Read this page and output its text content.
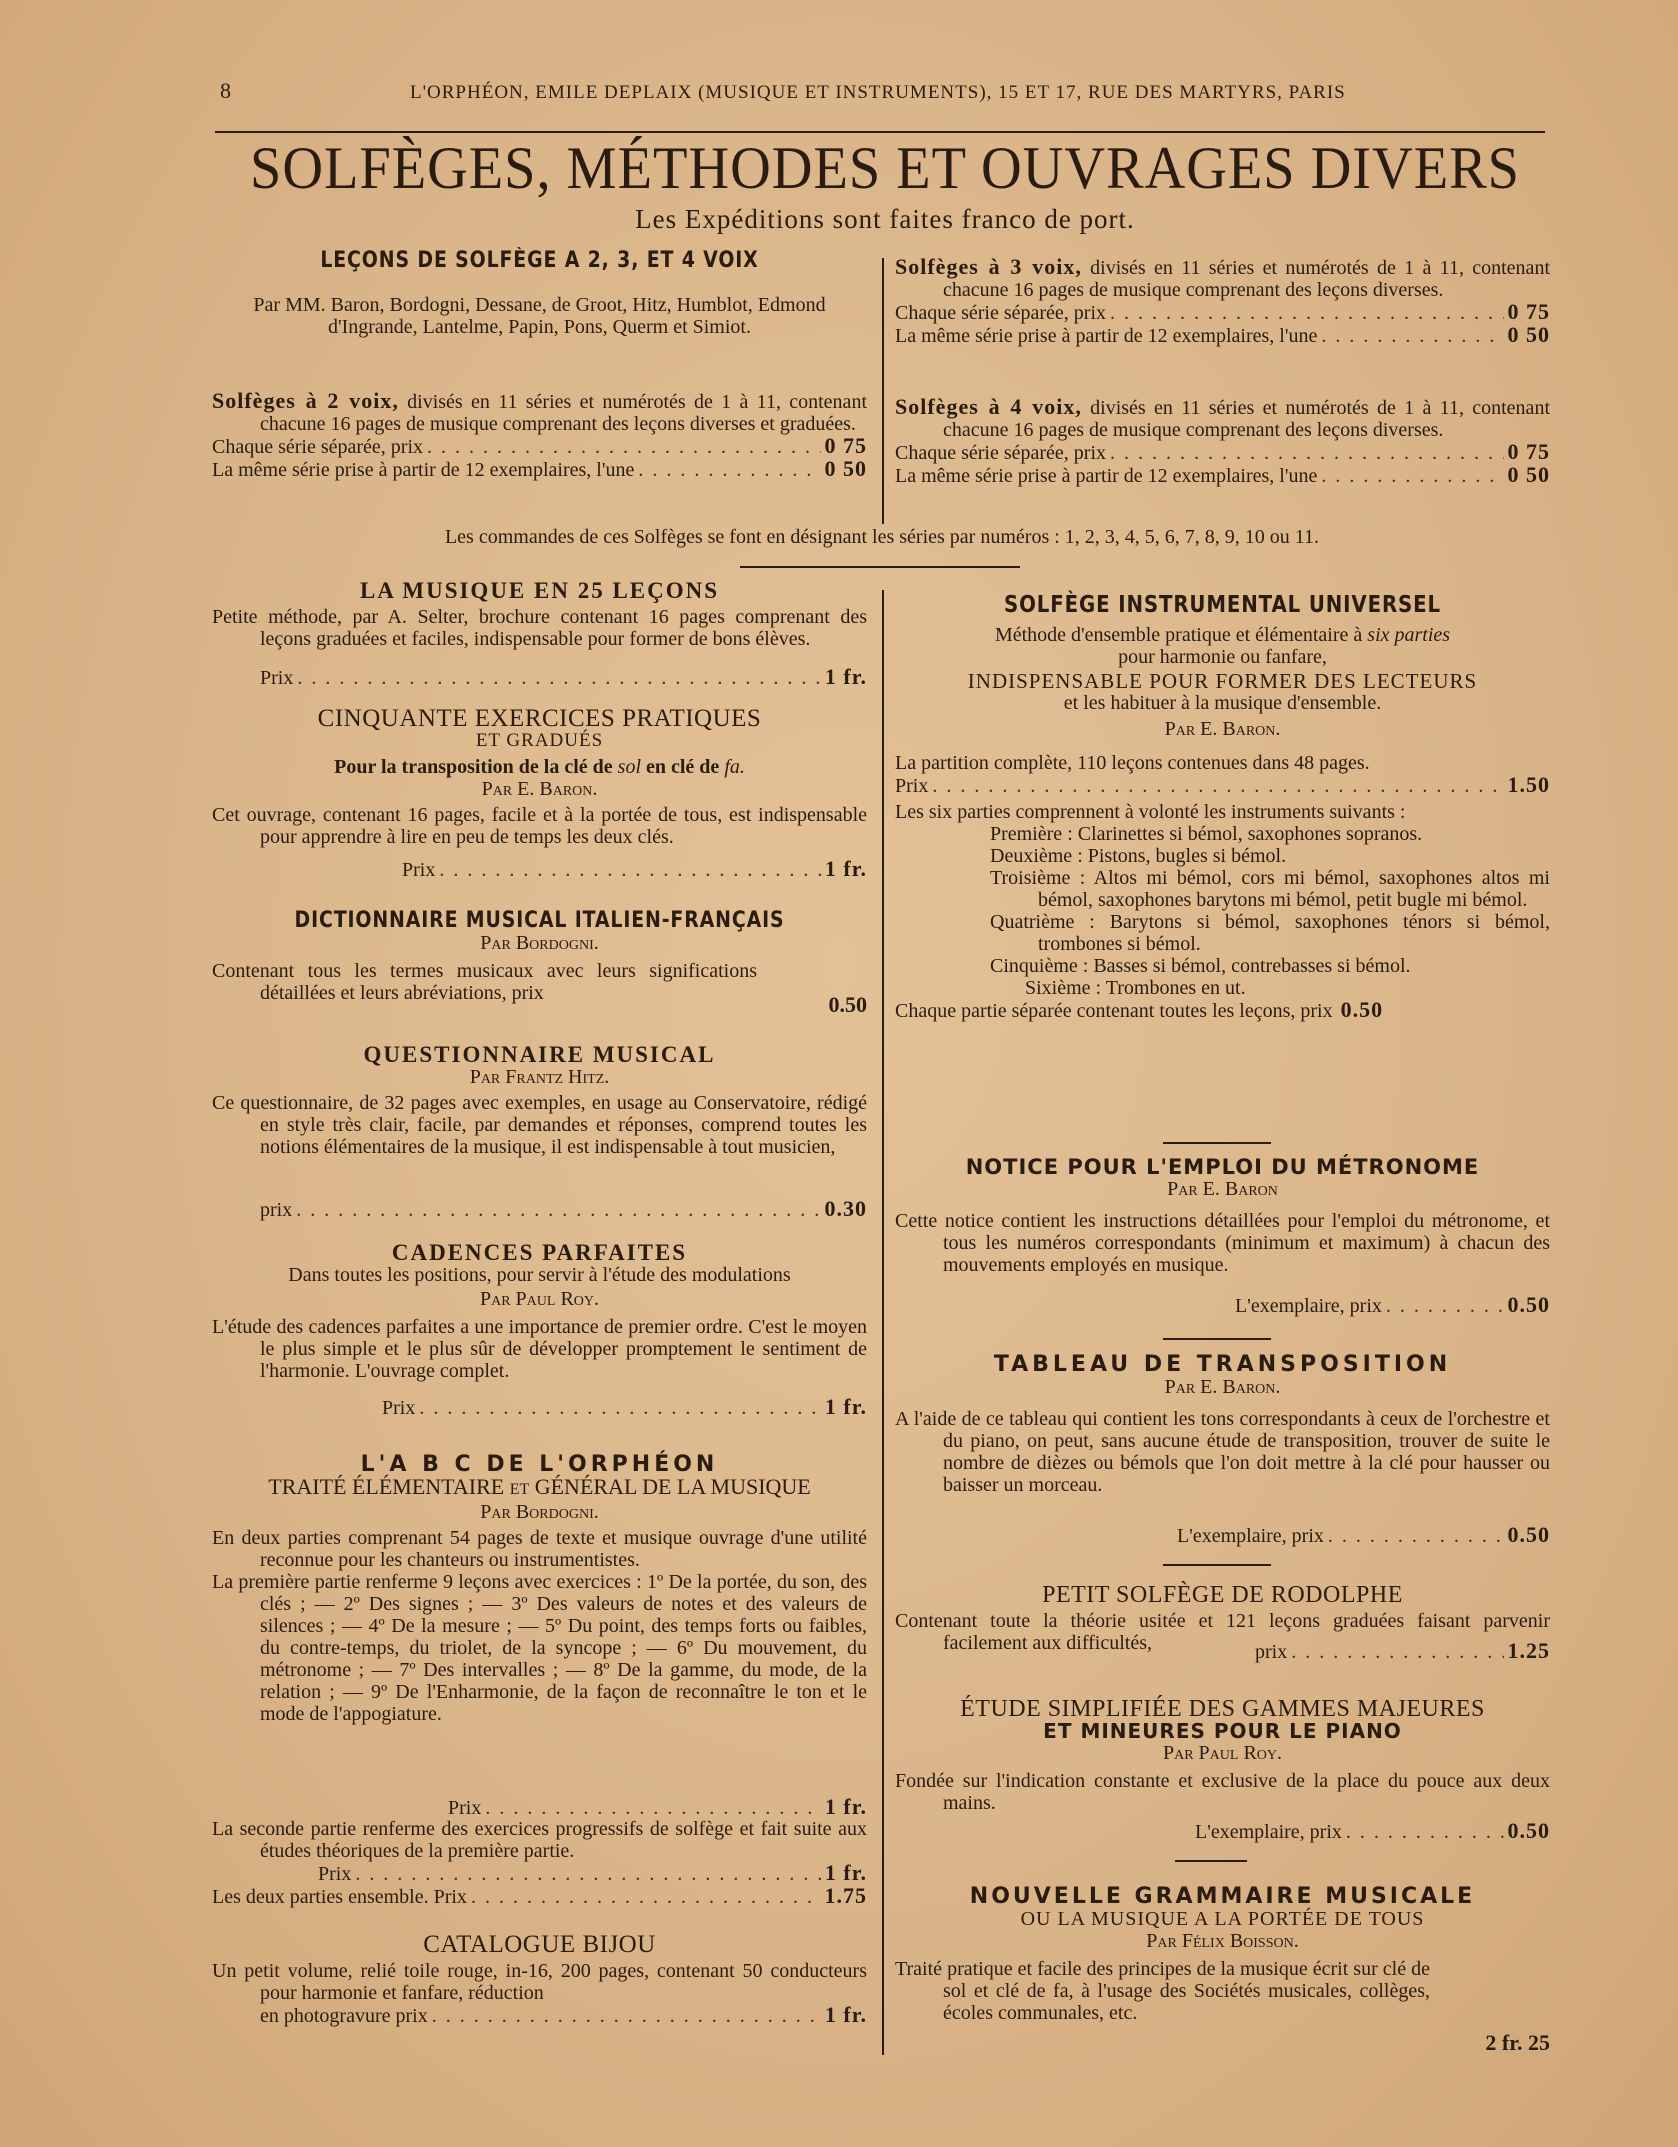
8	L'ORPHÉON, EMILE DEPLAIX (MUSIQUE ET INSTRUMENTS), 15 ET 17, RUE DES MARTYRS, PARIS
SOLFÈGES, MÉTHODES ET OUVRAGES DIVERS
Les Expéditions sont faites franco de port.
LEÇONS DE SOLFÈGE A 2, 3, ET 4 VOIX
Par MM. Baron, Bordogni, Dessane, de Groot, Hitz, Humblot, Edmond d'Ingrande, Lantelme, Papin, Pons, Querm et Simiot.

Solfèges à 2 voix, divisés en 11 séries et numérotés de 1 à 11, contenant chacune 16 pages de musique comprenant des leçons diverses et graduées.

Chaque série séparée, prix . . .	0 75
La même série prise à partir de 12 exemplaires, l'une . . .	0 50

Solfèges à 3 voix, divisés en 11 séries et numérotés de 1 à 11, contenant chacune 16 pages de musique comprenant des leçons diverses.

Chaque série séparée, prix . . .	0 75
La même série prise à partir de 12 exemplaires, l'une . . .	0 50

Solfèges à 4 voix, divisés en 11 séries et numérotés de 1 à 11, contenant chacune 16 pages de musique comprenant des leçons diverses.

Chaque série séparée, prix . . .	0 75
La même série prise à partir de 12 exemplaires, l'une . . .	0 50
Les commandes de ces Solfèges se font en désignant les séries par numéros : 1, 2, 3, 4, 5, 6, 7, 8, 9, 10 ou 11.
LA MUSIQUE EN 25 LEÇONS

Petite méthode, par A. Selter, brochure contenant 16 pages comprenant des leçons graduées et faciles, indispensable pour former de bons élèves.

Prix . . .	1 fr.
CINQUANTE EXERCICES PRATIQUES
ET GRADUÉS
Pour la transposition de la clé de sol en clé de fa.
Par E. Baron.

Cet ouvrage, contenant 16 pages, facile et à la portée de tous, est indispensable pour apprendre à lire en peu de temps les deux clés.

Prix . . .	1 fr.
DICTIONNAIRE MUSICAL ITALIEN-FRANÇAIS
Par Bordogni.

Contenant tous les termes musicaux avec leurs significations détaillées et leurs abréviations, prix	0.50
QUESTIONNAIRE MUSICAL
Par Frantz Hitz.

Ce questionnaire, de 32 pages avec exemples, en usage au Conservatoire, rédigé en style très clair, facile, par demandes et réponses, comprend toutes les notions élémentaires de la musique, il est indispensable à tout musicien,

prix . . .	0.30
CADENCES PARFAITES
Dans toutes les positions, pour servir à l'étude des modulations
Par Paul Roy.

L'étude des cadences parfaites a une importance de premier ordre. C'est le moyen le plus simple et le plus sûr de développer promptement le sentiment de l'harmonie. L'ouvrage complet.

Prix . . .	1 fr.
L'A B C DE L'ORPHÉON
TRAITÉ ÉLÉMENTAIRE ET GÉNÉRAL DE LA MUSIQUE
Par Bordogni.

En deux parties comprenant 54 pages de texte et musique ouvrage d'une utilité reconnue pour les chanteurs ou instrumentistes.

La première partie renferme 9 leçons avec exercices : 1º De la portée, du son, des clés ; — 2º Des signes ; — 3º Des valeurs de notes et des valeurs de silences ; — 4º De la mesure ; — 5º Du point, des temps forts ou faibles, du contre-temps, du triolet, de la syncope ; — 6º Du mouvement, du métronome ; — 7º Des intervalles ; — 8º De la gamme, du mode, de la relation ; — 9º De l'Enharmonie, de la façon de reconnaître le ton et le mode de l'appogiature.

Prix . . .	1 fr.

La seconde partie renferme des exercices progressifs de solfège et fait suite aux études théoriques de la première partie.

Prix . . .	1 fr.
Les deux parties ensemble. Prix . . .	1.75
CATALOGUE BIJOU

Un petit volume, relié toile rouge, in-16, 200 pages, contenant 50 conducteurs pour harmonie et fanfare, réduction

en photogravure prix . . .	1 fr.
SOLFÈGE INSTRUMENTAL UNIVERSEL
Méthode d'ensemble pratique et élémentaire à six parties
pour harmonie ou fanfare,
INDISPENSABLE POUR FORMER DES LECTEURS
et les habituer à la musique d'ensemble.
Par E. Baron.

La partition complète, 110 leçons contenues dans 48 pages.

Prix . . .	1.50

Les six parties comprennent à volonté les instruments suivants :

Première : Clarinettes si bémol, saxophones sopranos.

Deuxième : Pistons, bugles si bémol.

Troisième : Altos mi bémol, cors mi bémol, saxophones altos mi bémol, saxophones barytons mi bémol, petit bugle mi bémol.

Quatrième : Barytons si bémol, saxophones ténors si bémol, trombones si bémol.

Cinquième : Basses si bémol, contrebasses si bémol.

Sixième : Trombones en ut.

Chaque partie séparée contenant toutes les leçons, prix 0.50
NOTICE POUR L'EMPLOI DU MÉTRONOME
Par E. Baron

Cette notice contient les instructions détaillées pour l'emploi du métronome, et tous les numéros correspondants (minimum et maximum) à chacun des mouvements employés en musique.

L'exemplaire, prix . . .	0.50
TABLEAU DE TRANSPOSITION
Par E. Baron.

A l'aide de ce tableau qui contient les tons correspondants à ceux de l'orchestre et du piano, on peut, sans aucune étude de transposition, trouver de suite le nombre de dièzes ou bémols que l'on doit mettre à la clé pour hausser ou baisser un morceau.

L'exemplaire, prix . . .	0.50
PETIT SOLFÈGE DE RODOLPHE

Contenant toute la théorie usitée et 121 leçons graduées faisant parvenir facilement aux difficultés,	prix . . .	1.25
ÉTUDE SIMPLIFIÉE DES GAMMES MAJEURES
ET MINEURES POUR LE PIANO
Par Paul Roy.

Fondée sur l'indication constante et exclusive de la place du pouce aux deux mains.

L'exemplaire, prix . . .	0.50
NOUVELLE GRAMMAIRE MUSICALE
OU LA MUSIQUE A LA PORTÉE DE TOUS
Par Félix Boisson.

Traité pratique et facile des principes de la musique écrit sur clé de sol et clé de fa, à l'usage des Sociétés musicales, collèges, écoles communales, etc.

2 fr. 25
